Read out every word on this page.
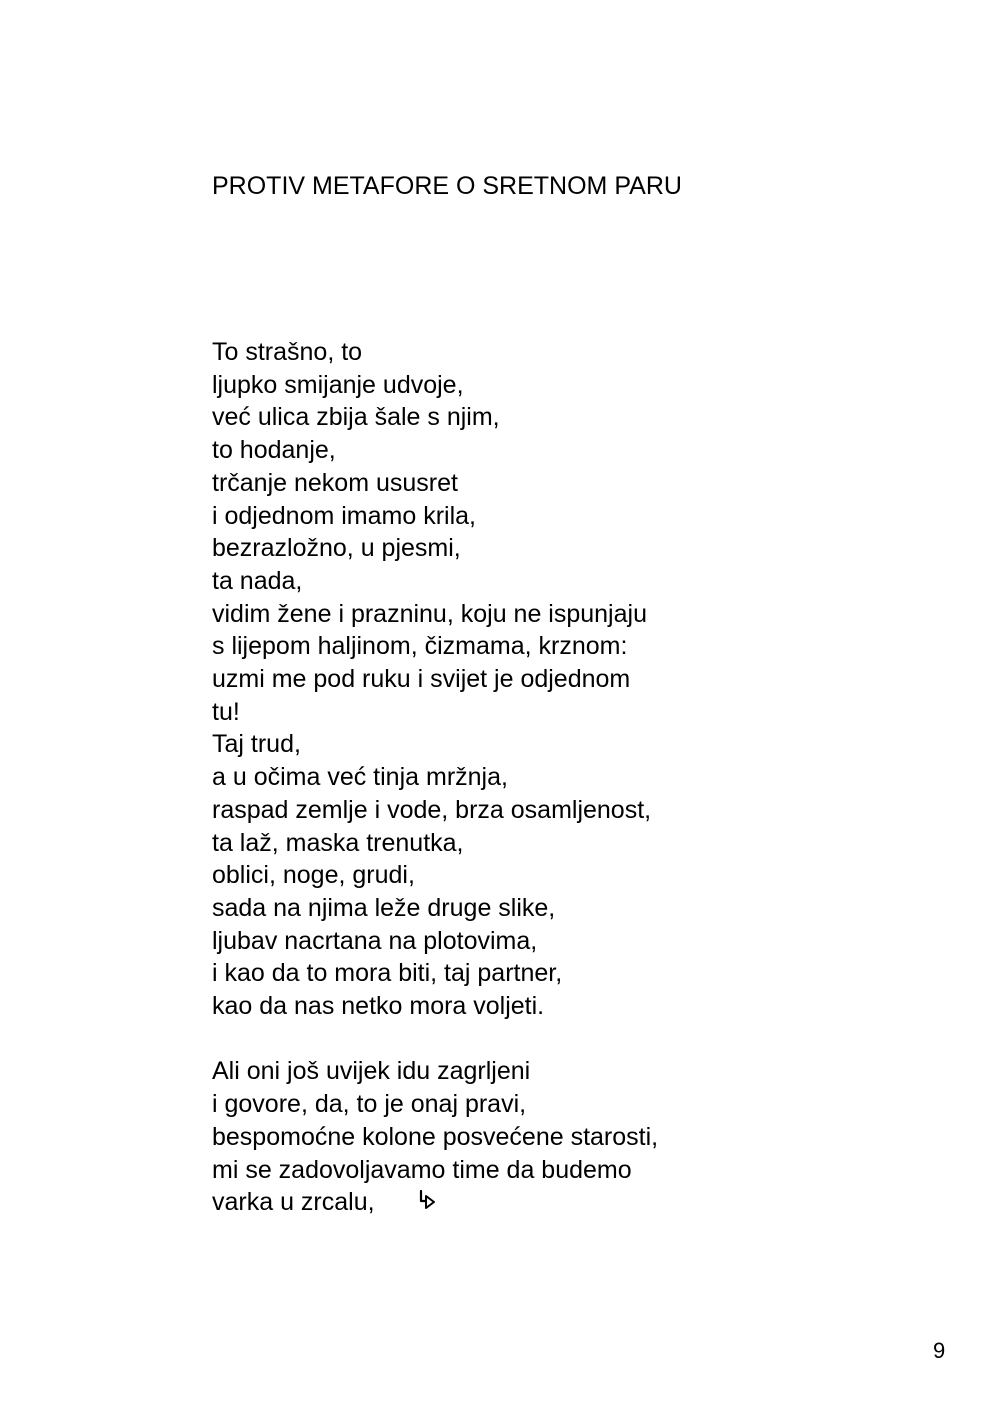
PROTIV METAFORE O SRETNOM PARU
To strašno, to
ljupko smijanje udvoje,
već ulica zbija šale s njim,
to hodanje,
trčanje nekom ususret
i odjednom imamo krila,
bezrazložno, u pjesmi,
ta nada,
vidim žene i prazninu, koju ne ispunjaju
s lijepom haljinom, čizmama, krznom:
uzmi me pod ruku i svijet je odjednom
tu!
Taj trud,
a u očima već tinja mržnja,
raspad zemlje i vode, brza osamljenost,
ta laž, maska trenutka,
oblici, noge, grudi,
sada na njima leže druge slike,
ljubav nacrtana na plotovima,
i kao da to mora biti, taj partner,
kao da nas netko mora voljeti.
Ali oni još uvijek idu zagrljeni
i govore, da, to je onaj pravi,
bespomoćne kolone posvećene starosti,
mi se zadovoljavamo time da budemo
varka u zrcalu,
9
